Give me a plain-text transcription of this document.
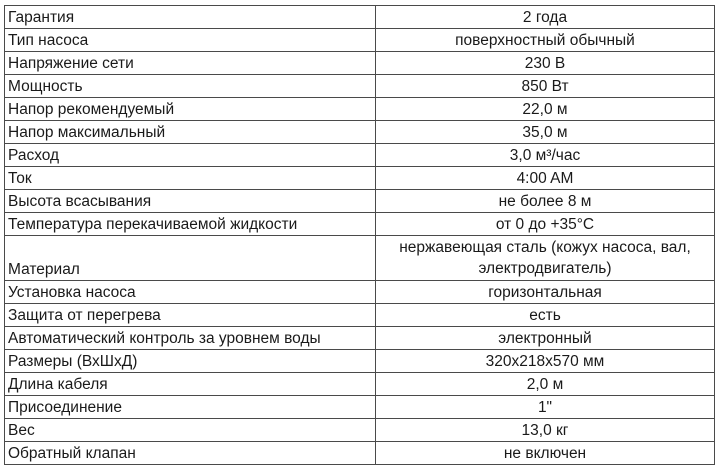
Гарантия	2 года
Тип насоса	поверхностный обычный
Напряжение сети	230 В
Мощность	850 Вт
Напор рекомендуемый	22,0 м
Напор максимальный	35,0 м
Расход	3,0 м³/час
Ток	4:00 AM
Высота всасывания	не более 8 м
Температура перекачиваемой жидкости	от 0 до +35°C
Материал	нержавеющая сталь (кожух насоса, вал, электродвигатель)
Установка насоса	горизонтальная
Защита от перегрева	есть
Автоматический контроль за уровнем воды	электронный
Размеры (ВхШхД)	320x218x570 мм
Длина кабеля	2,0 м
Присоединение	1"
Вес	13,0 кг
Обратный клапан	не включен
